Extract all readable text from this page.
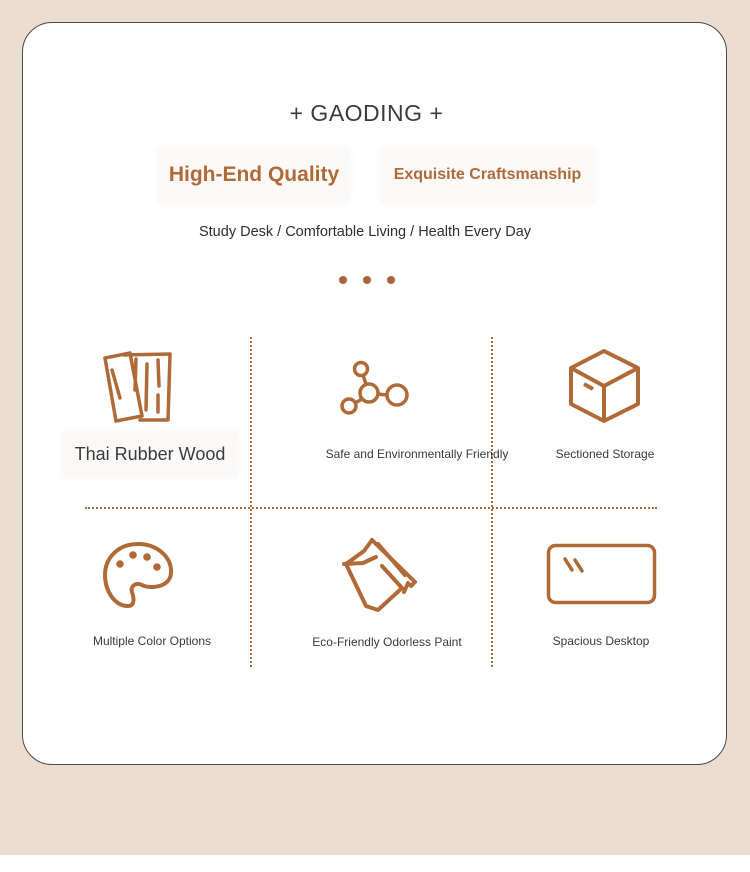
+ GAODING +
High-End Quality	Exquisite Craftsmanship
Study Desk / Comfortable Living / Health Every Day
Thai Rubber Wood	Safe and Environmentally Friendly	Sectioned Storage
Multiple Color Options	Eco-Friendly Odorless Paint	Spacious Desktop
